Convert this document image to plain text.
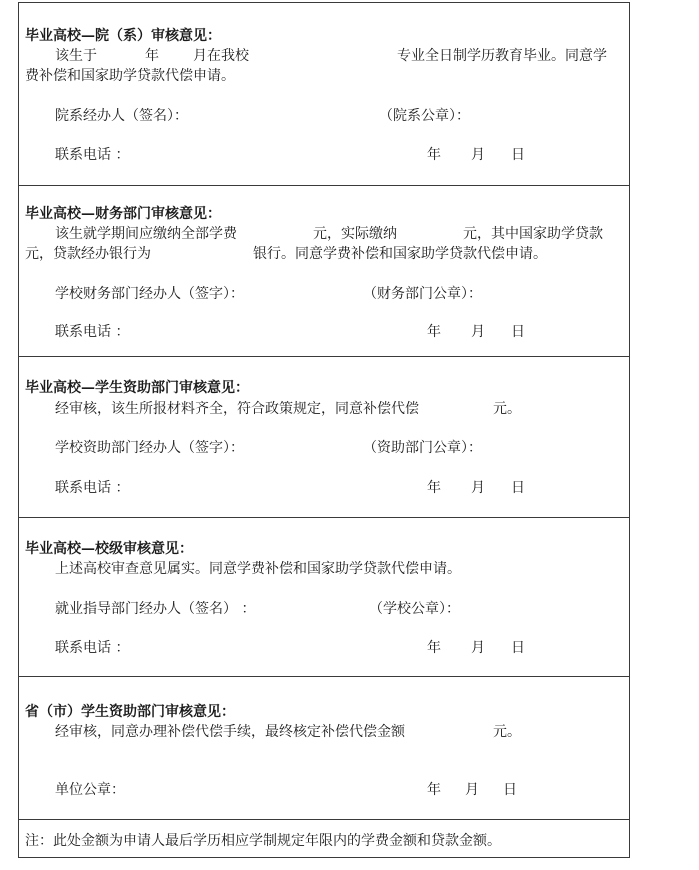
毕业高校—院（系）审核意见：
该生于	年 月在我校	专业全日制学历教育毕业。同意学
费补偿和国家助学贷款代偿申请。
院系经办人（签名）：	（院系公章）：
联系电话 ：	年 月 日
毕业高校—财务部门审核意见：
该生就学期间应缴纳全部学费	元，实际缴纳	元，其中国家助学贷款
元，贷款经办银行为	银行。同意学费补偿和国家助学贷款代偿申请。
学校财务部门经办人（签字）：	（财务部门公章）：
联系电话 ：	年 月 日
毕业高校—学生资助部门审核意见：
经审核，该生所报材料齐全，符合政策规定，同意补偿代偿	元。
学校资助部门经办人（签字）：	（资助部门公章）：
联系电话 ：	年 月 日
毕业高校—校级审核意见：
上述高校审查意见属实。同意学费补偿和国家助学贷款代偿申请。
就业指导部门经办人（签名） ：	（学校公章）：
联系电话 ：	年 月 日
省（市）学生资助部门审核意见：
经审核，同意办理补偿代偿手续，最终核定补偿代偿金额	元。
单位公章：	年 月 日
注：此处金额为申请人最后学历相应学制规定年限内的学费金额和贷款金额。
